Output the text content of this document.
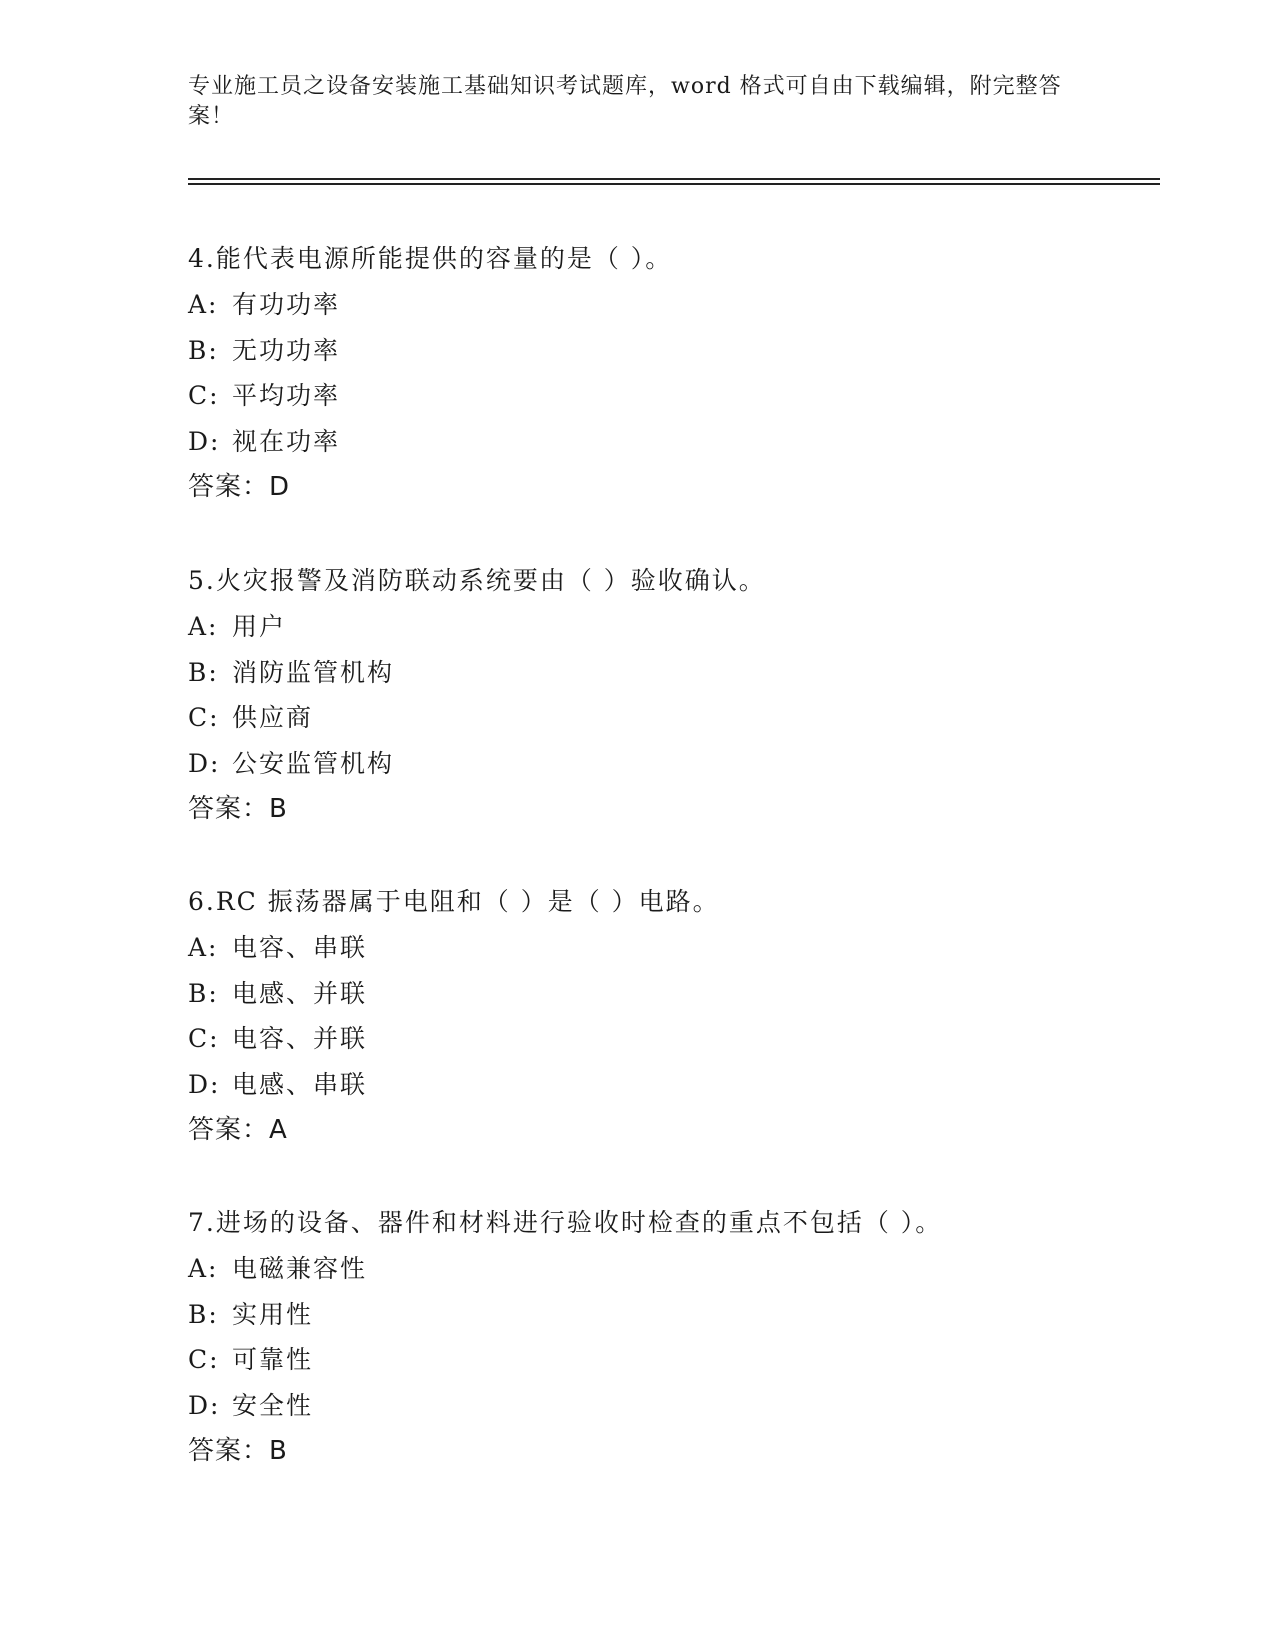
专业施工员之设备安装施工基础知识考试题库，word 格式可自由下载编辑，附完整答案！
4.能代表电源所能提供的容量的是（ ）。
A: 有功功率
B: 无功功率
C: 平均功率
D: 视在功率
答案：D
5.火灾报警及消防联动系统要由（ ）验收确认。
A: 用户
B: 消防监管机构
C: 供应商
D: 公安监管机构
答案：B
6.RC 振荡器属于电阻和（ ）是（ ）电路。
A: 电容、串联
B: 电感、并联
C: 电容、并联
D: 电感、串联
答案：A
7.进场的设备、器件和材料进行验收时检查的重点不包括（ ）。
A: 电磁兼容性
B: 实用性
C: 可靠性
D: 安全性
答案：B
